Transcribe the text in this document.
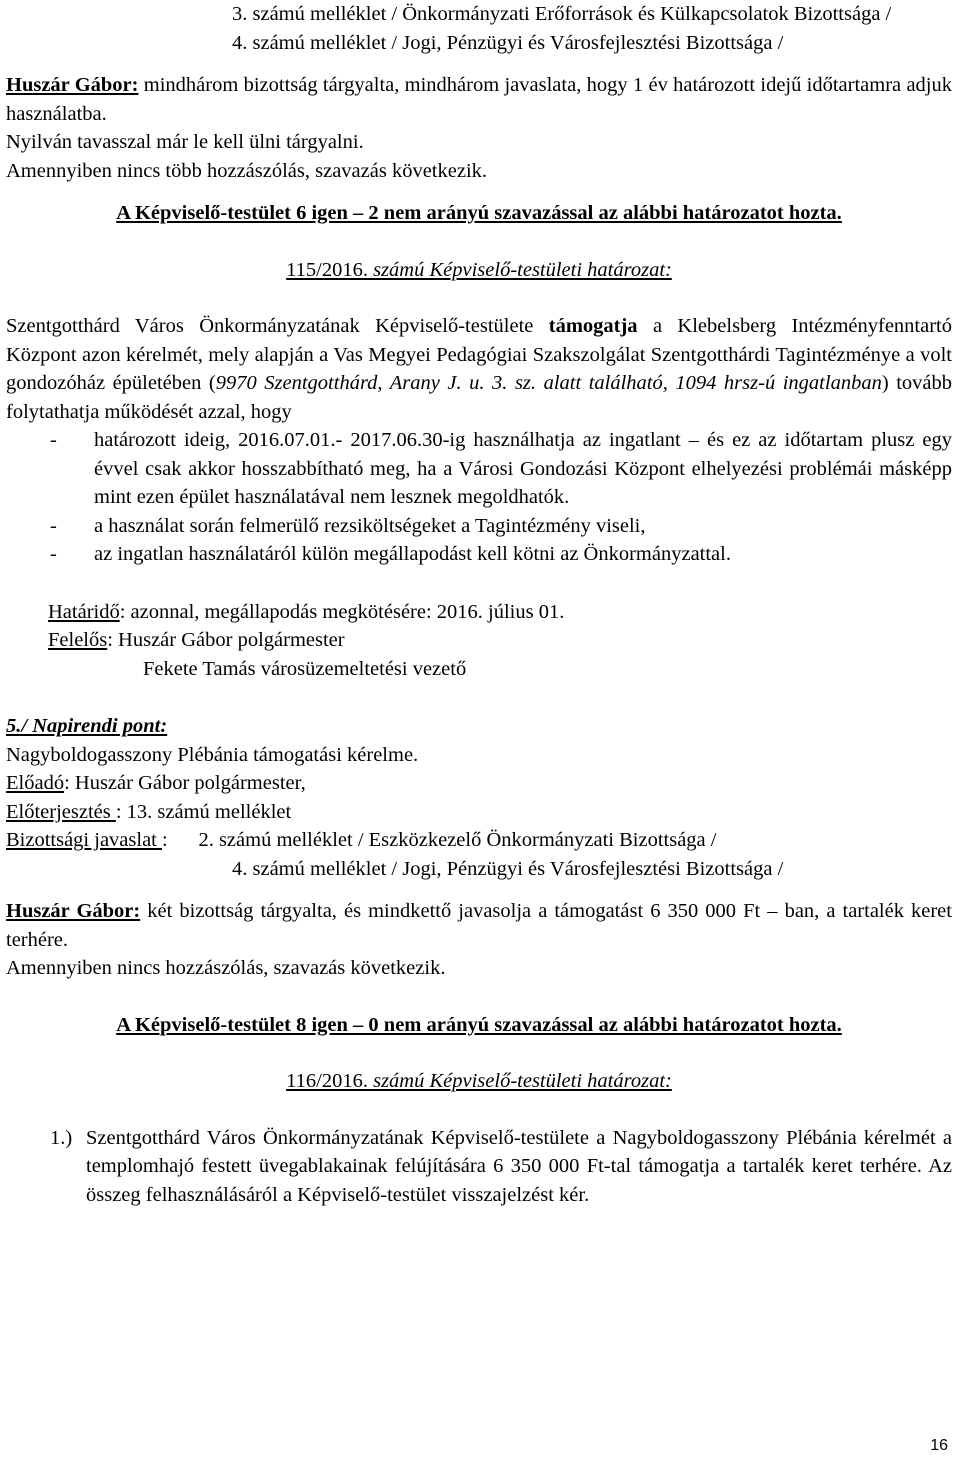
3. számú melléklet / Önkormányzati Erőforrások és Külkapcsolatok Bizottsága /

4. számú melléklet / Jogi, Pénzügyi és Városfejlesztési Bizottsága /

Huszár Gábor: mindhárom bizottság tárgyalta, mindhárom javaslata, hogy 1 év határozott idejű időtartamra adjuk használatba.

Nyilván tavasszal már le kell ülni tárgyalni.

Amennyiben nincs több hozzászólás, szavazás következik.

A Képviselő-testület 6 igen – 2 nem arányú szavazással az alábbi határozatot hozta.

115/2016. számú Képviselő-testületi határozat:

Szentgotthárd Város Önkormányzatának Képviselő-testülete támogatja a Klebelsberg Intézményfenntartó Központ azon kérelmét, mely alapján a Vas Megyei Pedagógiai Szakszolgálat Szentgotthárdi Tagintézménye a volt gondozóház épületében (9970 Szentgotthárd, Arany J. u. 3. sz. alatt található, 1094 hrsz-ú ingatlanban) tovább folytathatja működését azzal, hogy

- határozott ideig, 2016.07.01.- 2017.06.30-ig használhatja az ingatlant – és ez az időtartam plusz egy évvel csak akkor hosszabbítható meg, ha a Városi Gondozási Központ elhelyezési problémái másképp mint ezen épület használatával nem lesznek megoldhatók.
- a használat során felmerülő rezsiköltségeket a Tagintézmény viseli,
- az ingatlan használatáról külön megállapodást kell kötni az Önkormányzattal.

Határidő: azonnal, megállapodás megkötésére: 2016. július 01.

Felelős: Huszár Gábor polgármester

Fekete Tamás városüzemeltetési vezető

5./ Napirendi pont:

Nagyboldogasszony Plébánia támogatási kérelme.

Előadó: Huszár Gábor polgármester,

Előterjesztés : 13. számú melléklet

Bizottsági javaslat :      2. számú melléklet / Eszközkezelő Önkormányzati Bizottsága /

4. számú melléklet / Jogi, Pénzügyi és Városfejlesztési Bizottsága /

Huszár Gábor: két bizottság tárgyalta, és mindkettő javasolja a támogatást 6 350 000 Ft – ban, a tartalék keret terhére.

Amennyiben nincs hozzászólás, szavazás következik.

A Képviselő-testület 8 igen – 0 nem arányú szavazással az alábbi határozatot hozta.

116/2016. számú Képviselő-testületi határozat:

1.) Szentgotthárd Város Önkormányzatának Képviselő-testülete a Nagyboldogasszony Plébánia kérelmét a templomhajó festett üvegablakainak felújítására 6 350 000 Ft-tal támogatja a tartalék keret terhére. Az összeg felhasználásáról a Képviselő-testület visszajelzést kér.
16
